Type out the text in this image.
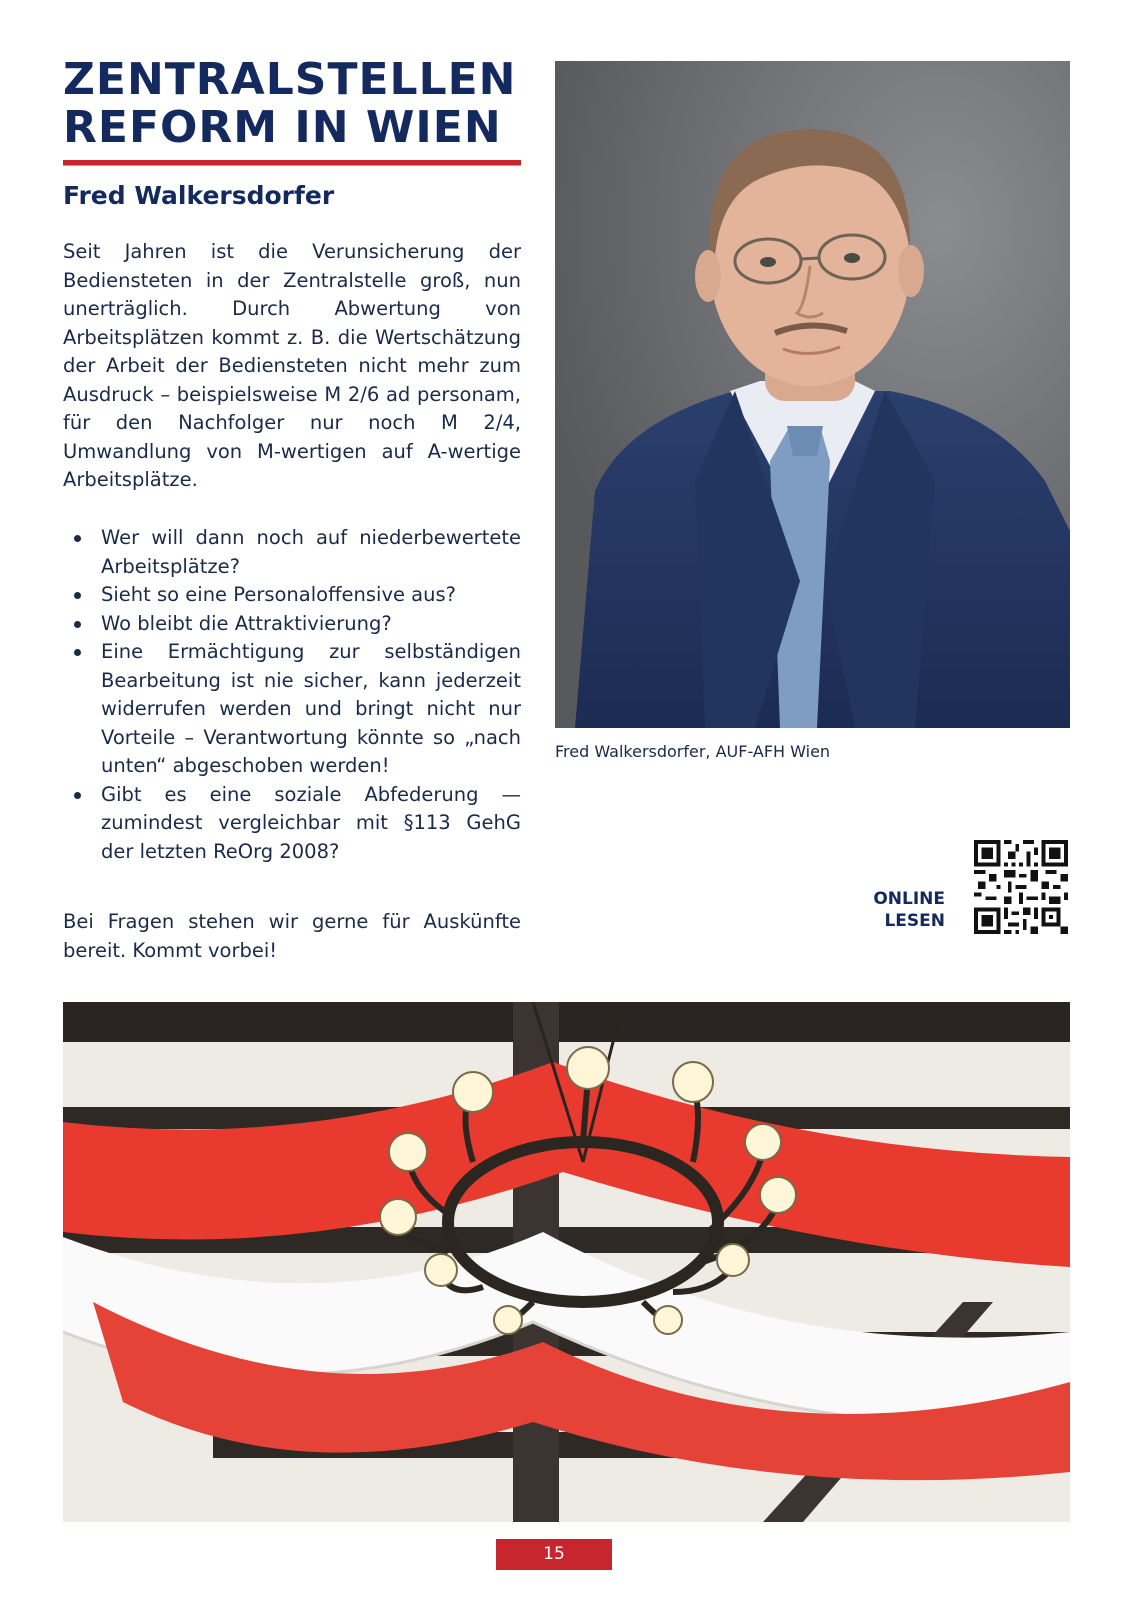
ZENTRALSTELLEN
REFORM IN WIEN
Fred Walkersdorfer

Seit Jahren ist die Verunsicherung der Bediensteten in der Zentralstelle groß, nun unerträglich. Durch Abwertung von Arbeitsplätzen kommt z. B. die Wertschätzung der Arbeit der Bediensteten nicht mehr zum Ausdruck – beispielsweise M 2/6 ad personam, für den Nachfolger nur noch M 2/4, Umwandlung von M-wertigen auf A-wertige Arbeitsplätze.

Wer will dann noch auf niederbewertete Arbeitsplätze?
Sieht so eine Personaloffensive aus?
Wo bleibt die Attraktivierung?
Eine Ermächtigung zur selbständigen Bearbeitung ist nie sicher, kann jederzeit widerrufen werden und bringt nicht nur Vorteile – Verantwortung könnte so „nach unten“ abgeschoben werden!
Gibt es eine soziale Abfederung — zumindest vergleichbar mit §113 GehG der letzten ReOrg 2008?

Bei Fragen stehen wir gerne für Auskünfte bereit. Kommt vorbei!

Fred Walkersdorfer, AUF-AFH Wien
ONLINE
LESEN
15
